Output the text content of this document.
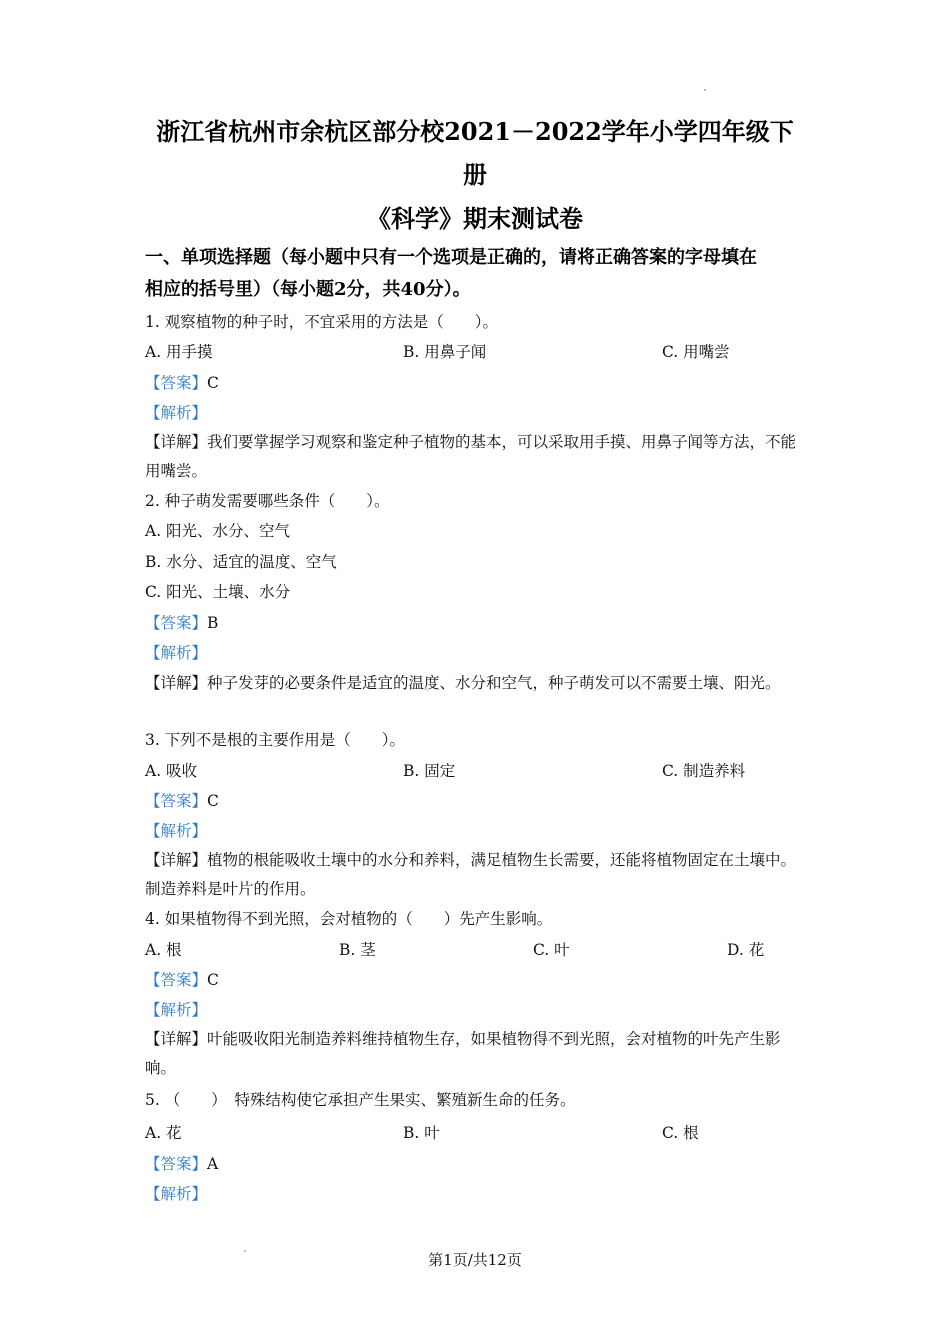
浙江省杭州市余杭区部分校2021－2022学年小学四年级下
册
《科学》期末测试卷
一、单项选择题（每小题中只有一个选项是正确的，请将正确答案的字母填在
相应的括号里）（每小题2分，共40分）。
1. 观察植物的种子时，不宜采用的方法是（　　）。
A. 用手摸	B. 用鼻子闻	C. 用嘴尝
【答案】C
【解析】
【详解】我们要掌握学习观察和鉴定种子植物的基本，可以采取用手摸、用鼻子闻等方法，不能用嘴尝。
2. 种子萌发需要哪些条件（　　）。
A. 阳光、水分、空气
B. 水分、适宜的温度、空气
C. 阳光、土壤、水分
【答案】B
【解析】
【详解】种子发芽的必要条件是适宜的温度、水分和空气，种子萌发可以不需要土壤、阳光。
3. 下列不是根的主要作用是（　　）。
A. 吸收	B. 固定	C. 制造养料
【答案】C
【解析】
【详解】植物的根能吸收土壤中的水分和养料，满足植物生长需要，还能将植物固定在土壤中。制造养料是叶片的作用。
4. 如果植物得不到光照，会对植物的（　　）先产生影响。
A. 根	B. 茎	C. 叶	D. 花
【答案】C
【解析】
【详解】叶能吸收阳光制造养料维持植物生存，如果植物得不到光照，会对植物的叶先产生影响。
5. （　　）　特殊结构使它承担产生果实、繁殖新生命的任务。
A. 花	B. 叶	C. 根
【答案】A
【解析】
第1页/共12页
